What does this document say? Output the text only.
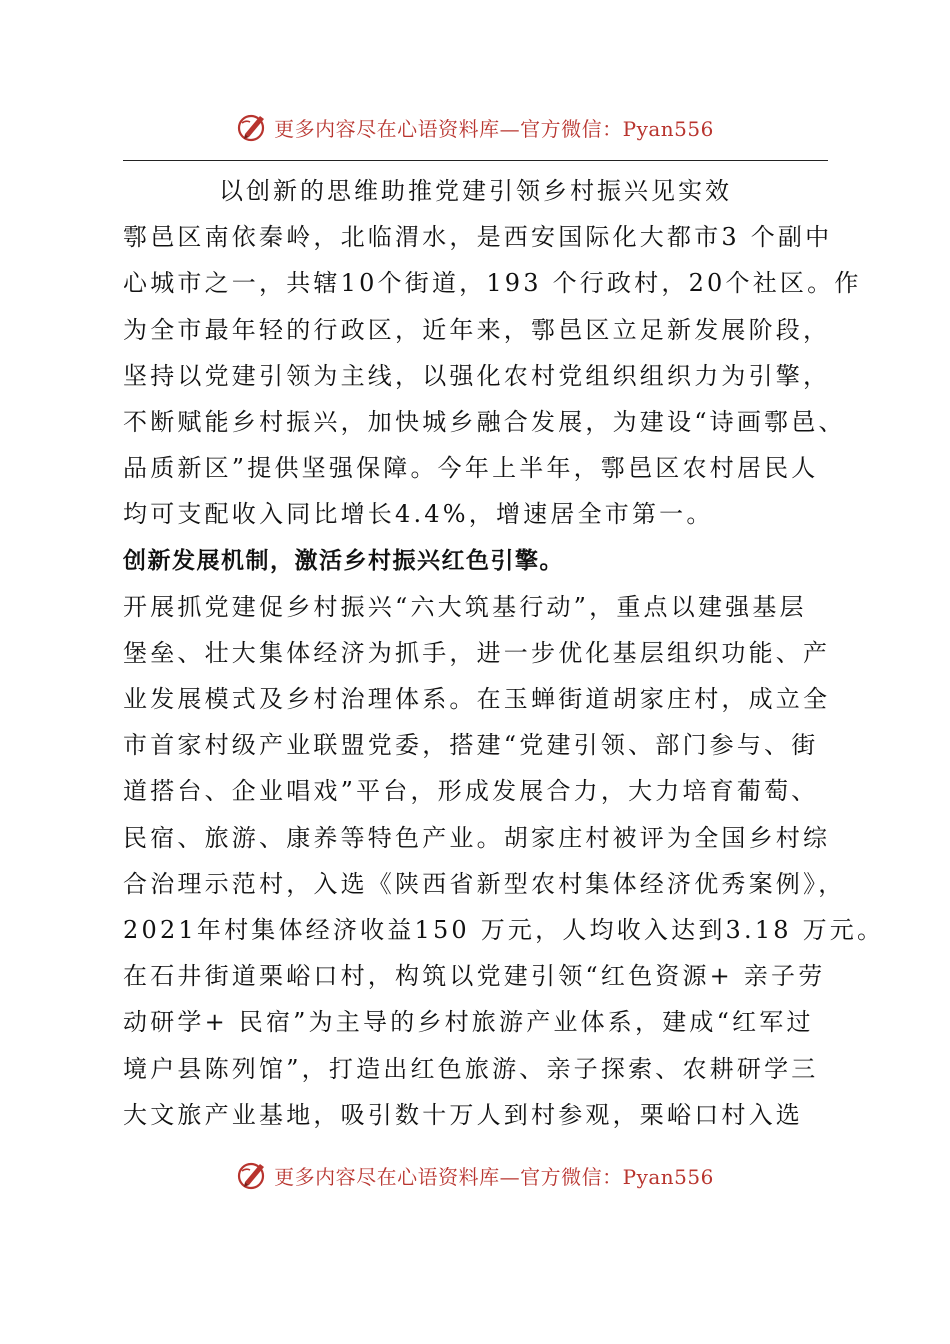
更多内容尽在心语资料库—官方微信：Pyan556
以创新的思维助推党建引领乡村振兴见实效
鄠邑区南依秦岭，北临渭水，是西安国际化大都市3 个副中
心城市之一，共辖10个街道，193 个行政村，20个社区。作
为全市最年轻的行政区，近年来，鄠邑区立足新发展阶段，
坚持以党建引领为主线，以强化农村党组织组织力为引擎，
不断赋能乡村振兴，加快城乡融合发展，为建设“诗画鄠邑、
品质新区”提供坚强保障。今年上半年，鄠邑区农村居民人
均可支配收入同比增长4.4%，增速居全市第一。
创新发展机制，激活乡村振兴红色引擎。
开展抓党建促乡村振兴“六大筑基行动”，重点以建强基层
堡垒、壮大集体经济为抓手，进一步优化基层组织功能、产
业发展模式及乡村治理体系。在玉蝉街道胡家庄村，成立全
市首家村级产业联盟党委，搭建“党建引领、部门参与、街
道搭台、企业唱戏”平台，形成发展合力，大力培育葡萄、
民宿、旅游、康养等特色产业。胡家庄村被评为全国乡村综
合治理示范村，入选《陕西省新型农村集体经济优秀案例》，
2021年村集体经济收益150 万元，人均收入达到3.18 万元。
在石井街道栗峪口村，构筑以党建引领“红色资源+ 亲子劳
动研学+ 民宿”为主导的乡村旅游产业体系，建成“红军过
境户县陈列馆”，打造出红色旅游、亲子探索、农耕研学三
大文旅产业基地，吸引数十万人到村参观，栗峪口村入选
更多内容尽在心语资料库—官方微信：Pyan556
